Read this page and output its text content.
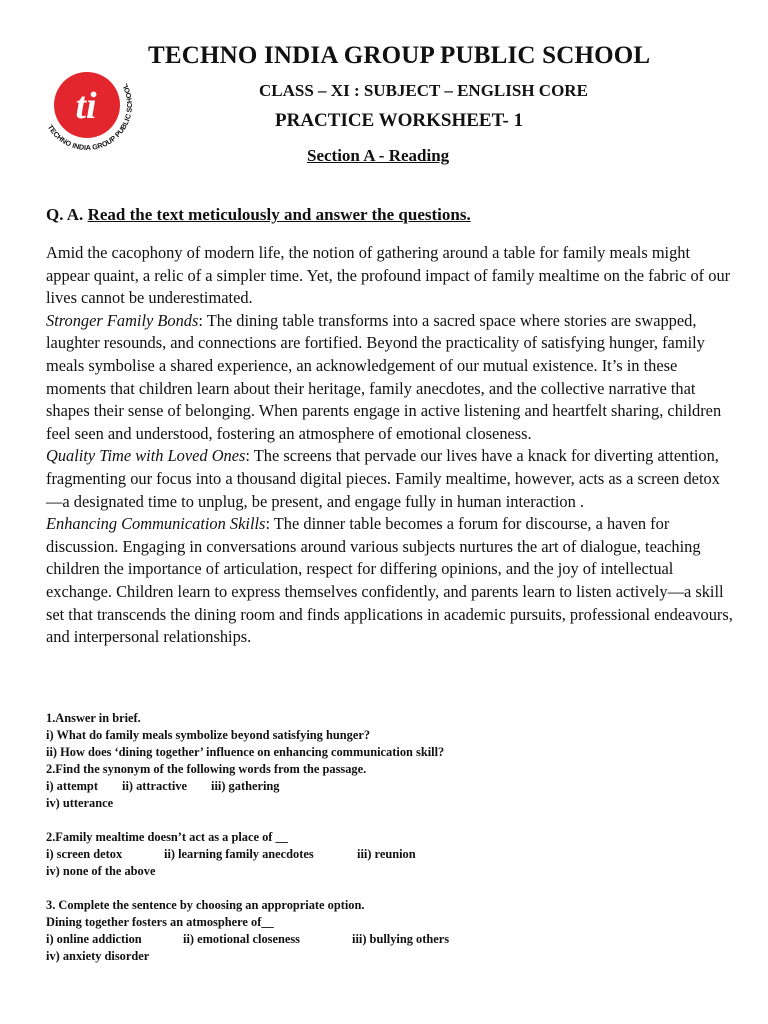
ti
TECHNO INDIA GROUP PUBLIC SCHOOL
TECHNO INDIA GROUP PUBLIC SCHOOL
CLASS – XI : SUBJECT – ENGLISH CORE
PRACTICE WORKSHEET- 1
Section A - Reading
Q. A. Read the text meticulously and answer the questions.

Amid the cacophony of modern life, the notion of gathering around a table for family meals might appear quaint, a relic of a simpler time. Yet, the profound impact of family mealtime on the fabric of our lives cannot be underestimated.

Stronger Family Bonds: The dining table transforms into a sacred space where stories are swapped, laughter resounds, and connections are fortified. Beyond the practicality of satisfying hunger, family meals symbolise a shared experience, an acknowledgement of our mutual existence. It’s in these moments that children learn about their heritage, family anecdotes, and the collective narrative that shapes their sense of belonging. When parents engage in active listening and heartfelt sharing, children feel seen and understood, fostering an atmosphere of emotional closeness.

Quality Time with Loved Ones: The screens that pervade our lives have a knack for diverting attention, fragmenting our focus into a thousand digital pieces. Family mealtime, however, acts as a screen detox—a designated time to unplug, be present, and engage fully in human interaction .

Enhancing Communication Skills: The dinner table becomes a forum for discourse, a haven for discussion. Engaging in conversations around various subjects nurtures the art of dialogue, teaching children the importance of articulation, respect for differing opinions, and the joy of intellectual exchange. Children learn to express themselves confidently, and parents learn to listen actively—a skill set that transcends the dining room and finds applications in academic pursuits, professional endeavours, and interpersonal relationships.

1.Answer in brief.
i) What do family meals symbolize beyond satisfying hunger?
ii) How does ‘dining together’ influence on enhancing communication skill?
2.Find the synonym of the following words from the passage.
i) attempt ii) attractive iii) gathering
iv) utterance
2.Family mealtime doesn’t act as a place of __
i) screen detox	ii) learning family anecdotes	iii) reunion
iv) none of the above
3. Complete the sentence by choosing an appropriate option.
Dining together fosters an atmosphere of__
i) online addiction	ii) emotional closeness	iii) bullying others
iv) anxiety disorder
